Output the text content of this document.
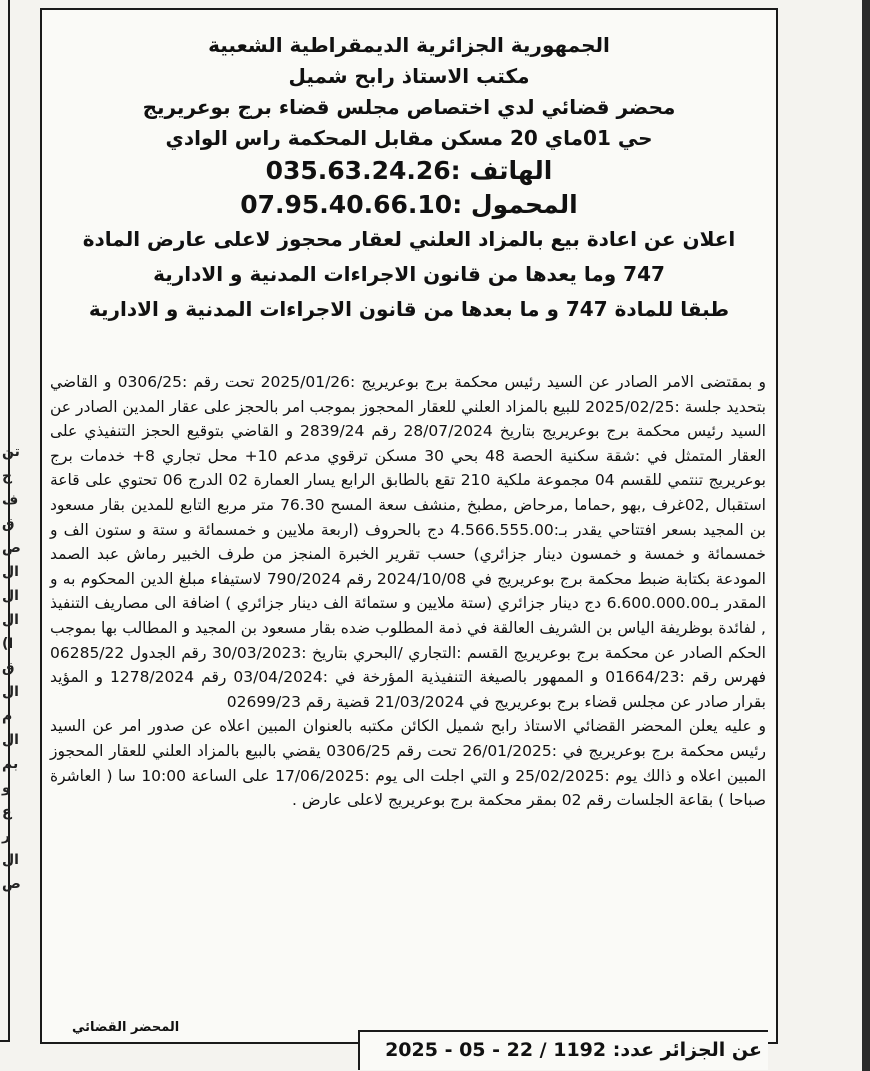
تن
ج
ف
ق
ص
ال
ال
ال
(ا
ق
ال
م
ال
بم
و
ع
ر
ال
ص
الجمهورية الجزائرية الديمقراطية الشعبية
مكتب الاستاذ رابح شميل
محضر قضائي لدي اختصاص مجلس قضاء برج بوعريريج
حي 01ماي 20 مسكن مقابل المحكمة راس الوادي
الهاتف :035.63.24.26
المحمول :07.95.40.66.10
اعلان عن اعادة بيع بالمزاد العلني لعقار محجوز لاعلى عارض المادة
747 وما يعدها من قانون الاجراءات المدنية و الادارية
طبقا للمادة 747 و ما بعدها من قانون الاجراءات المدنية و الادارية

و بمقتضى الامر الصادر عن السيد رئيس محكمة برج بوعريريج :2025/01/26 تحت رقم :0306/25 و القاضي بتحديد جلسة :2025/02/25 للبيع بالمزاد العلني للعقار المحجوز بموجب امر بالحجز على عقار المدين الصادر عن السيد رئيس محكمة برج بوعريريج بتاريخ 28/07/2024 رقم 2839/24 و القاضي بتوقيع الحجز التنفيذي على العقار المتمثل في :شقة سكنية الحصة 48 بحي 30 مسكن ترقوي مدعم 10+ محل تجاري 8+ خدمات برج بوعريريج تنتمي للقسم 04 مجموعة ملكية 210 تقع بالطابق الرابع يسار العمارة 02 الدرج 06 تحتوي على قاعة استقبال ,02غرف ,بهو ,حماما ,مرحاض ,مطبخ ,منشف سعة المسح 76.30 متر مربع التابع للمدين بقار مسعود بن المجيد بسعر افتتاحي يقدر بـ:4.566.555.00 دج بالحروف (اربعة ملايين و خمسمائة و ستة و ستون الف و خمسمائة و خمسة و خمسون دينار جزائري) حسب تقرير الخبرة المنجز من طرف الخبير رماش عبد الصمد المودعة بكتابة ضبط محكمة برج بوعريريج في 2024/10/08 رقم 790/2024 لاستيفاء مبلغ الدين المحكوم به و المقدر بـ6.600.000.00 دج دينار جزائري (ستة ملايين و ستمائة الف دينار جزائري ) اضافة الى مصاريف التنفيذ , لفائدة بوظريفة الياس بن الشريف العالقة في ذمة المطلوب ضده بقار مسعود بن المجيد و المطالب بها بموجب الحكم الصادر عن محكمة برج بوعريريج القسم :التجاري /البحري بتاريخ :30/03/2023 رقم الجدول 06285/22 فهرس رقم :01664/23 و الممهور بالصيغة التنفيذية المؤرخة في :03/04/2024 رقم 1278/2024 و المؤيد بقرار صادر عن مجلس قضاء برج بوعريريج في 21/03/2024 قضية رقم 02699/23

و عليه يعلن المحضر القضائي الاستاذ رابح شميل الكائن مكتبه بالعنوان المبين اعلاه عن صدور امر عن السيد رئيس محكمة برج بوعريريج في :26/01/2025 تحت رقم 0306/25 يقضي بالبيع بالمزاد العلني للعقار المحجوز المبين اعلاه و ذالك يوم :25/02/2025 و التي اجلت الى يوم :17/06/2025 على الساعة 10:00 سا ( العاشرة صباحا ) بقاعة الجلسات رقم 02 بمقر محكمة برج بوعريريج لاعلى عارض .

المحضر القضائي
عن الجزائر عدد: 2025 - 05 - 22 / 1192
